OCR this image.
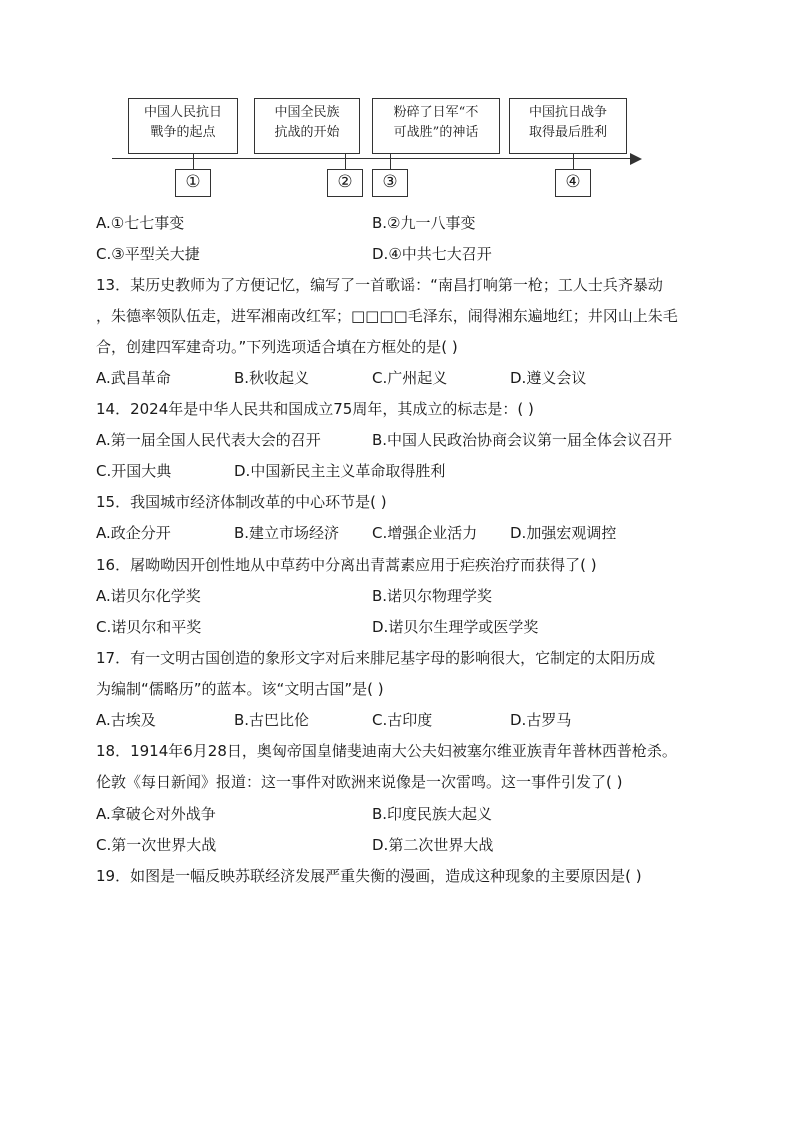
中国人民抗日
戰争的起点
中国全民族
抗战的开始
粉碎了日军“不
可战胜”的神话
中国抗日战争
取得最后胜利
①	②	③	④
A.①七七事变	B.②九一八事变
C.③平型关大捷	D.④中共七大召开
13．某历史教师为了方便记忆，编写了一首歌谣：“南昌打响第一枪；工人士兵齐暴动
，朱德率领队伍走，进军湘南改红军；□□□□毛泽东，闹得湘东遍地红；井冈山上朱毛
合，创建四军建奇功。”下列选项适合填在方框处的是( )
A.武昌革命	B.秋收起义	C.广州起义	D.遵义会议
14．2024年是中华人民共和国成立75周年，其成立的标志是：( )
A.第一届全国人民代表大会的召开	B.中国人民政治协商会议第一届全体会议召开
C.开国大典	D.中国新民主主义革命取得胜利
15．我国城市经济体制改革的中心环节是( )
A.政企分开	B.建立市场经济 C.增强企业活力 D.加强宏观调控
16．屠呦呦因开创性地从中草药中分离出青蒿素应用于疟疾治疗而获得了( )
A.诺贝尔化学奖	B.诺贝尔物理学奖
C.诺贝尔和平奖	D.诺贝尔生理学或医学奖
17．有一文明古国创造的象形文字对后来腓尼基字母的影响很大，它制定的太阳历成
为编制“儒略历”的蓝本。该“文明古国”是( )
A.古埃及	B.古巴比伦	C.古印度	D.古罗马
18．1914年6月28日，奥匈帝国皇储斐迪南大公夫妇被塞尔维亚族青年普林西普枪杀。
伦敦《每日新闻》报道：这一事件对欧洲来说像是一次雷鸣。这一事件引发了( )
A.拿破仑对外战争	B.印度民族大起义
C.第一次世界大战	D.第二次世界大战
19．如图是一幅反映苏联经济发展严重失衡的漫画，造成这种现象的主要原因是( )
